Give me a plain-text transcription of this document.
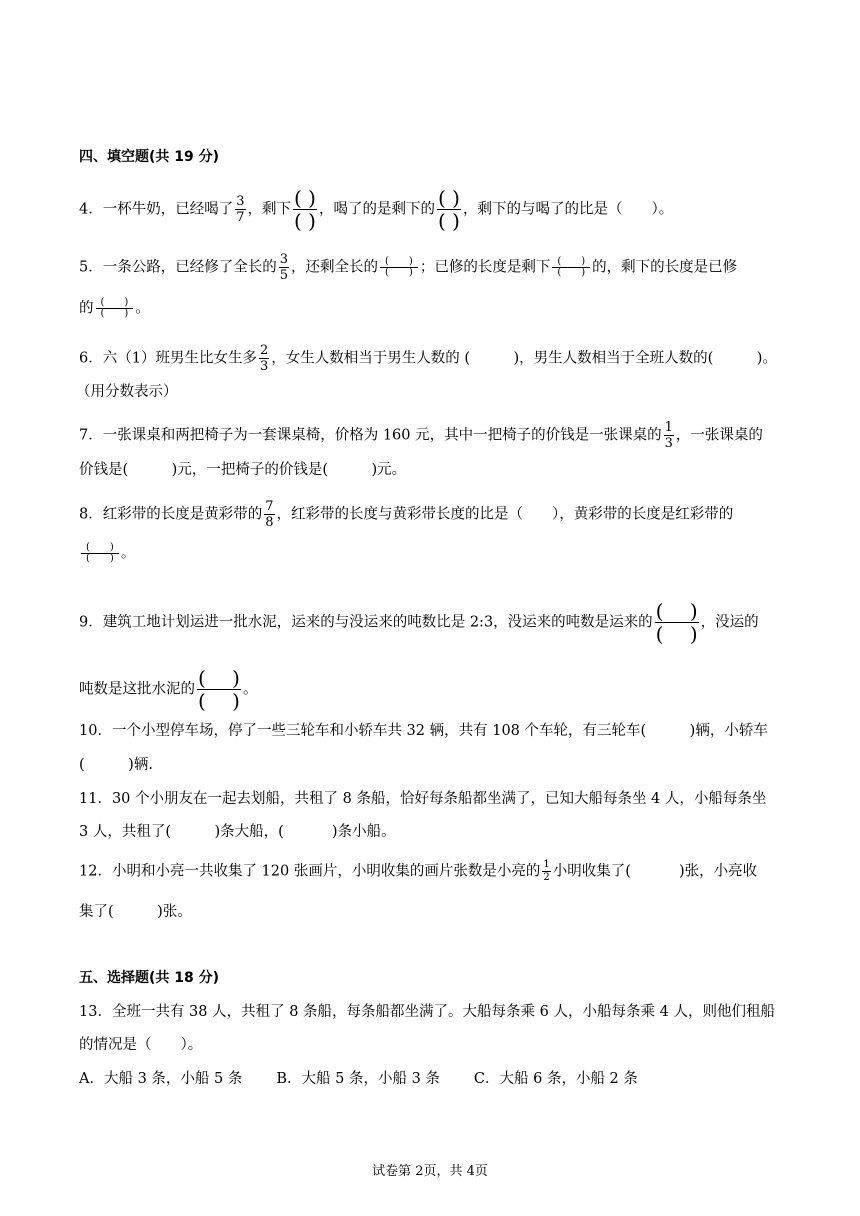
四、填空题(共 19 分)
4．一杯牛奶，已经喝了 $\frac{3}{7}$ ，剩下 $\frac{( )}{( )}$ ，喝了的是剩下的 $\frac{( )}{( )}$ ，剩下的与喝了的比是（　　）。
5．一条公路，已经修了全长的 $\frac{3}{5}$ ，还剩全长的 $\frac{( )}{( )}$ ；已修的长度是剩下 $\frac{( )}{( )}$ 的，剩下的长度是已修
的 $\frac{( )}{( )}$ 。
6．六（1）班男生比女生多 $\frac{2}{3}$ ，女生人数相当于男生人数的 (　　　)，男生人数相当于全班人数的(　　　)。
（用分数表示）
7．一张课桌和两把椅子为一套课桌椅，价格为 160 元，其中一把椅子的价钱是一张课桌的 $\frac{1}{3}$ ，一张课桌的
价钱是(　　　)元，一把椅子的价钱是(　　　)元。
8．红彩带的长度是黄彩带的 $\frac{7}{8}$ ，红彩带的长度与黄彩带长度的比是（　　），黄彩带的长度是红彩带的
$\frac{( )}{( )}$ 。
9．建筑工地计划运进一批水泥，运来的与没运来的吨数比是 2:3，没运来的吨数是运来的 $\frac{( )}{( )}$ ，没运的
吨数是这批水泥的 $\frac{( )}{( )}$ 。
10．一个小型停车场，停了一些三轮车和小轿车共 32 辆，共有 108 个车轮，有三轮车(　　　)辆，小轿车
(　　　)辆.
11．30 个小朋友在一起去划船，共租了 8 条船，恰好每条船都坐满了，已知大船每条坐 4 人，小船每条坐
3 人，共租了(　　　)条大船，(　　　 )条小船。
12．小明和小亮一共收集了 120 张画片，小明收集的画片张数是小亮的 $\frac{1}{2}$ 小明收集了(　　　 )张，小亮收
集了(　　　)张。
五、选择题(共 18 分)
13．全班一共有 38 人，共租了 8 条船，每条船都坐满了。大船每条乘 6 人，小船每条乘 4 人，则他们租船
的情况是（　　）。
A．大船 3 条，小船 5 条 B．大船 5 条，小船 3 条 C．大船 6 条，小船 2 条
试卷第 2页，共 4页
